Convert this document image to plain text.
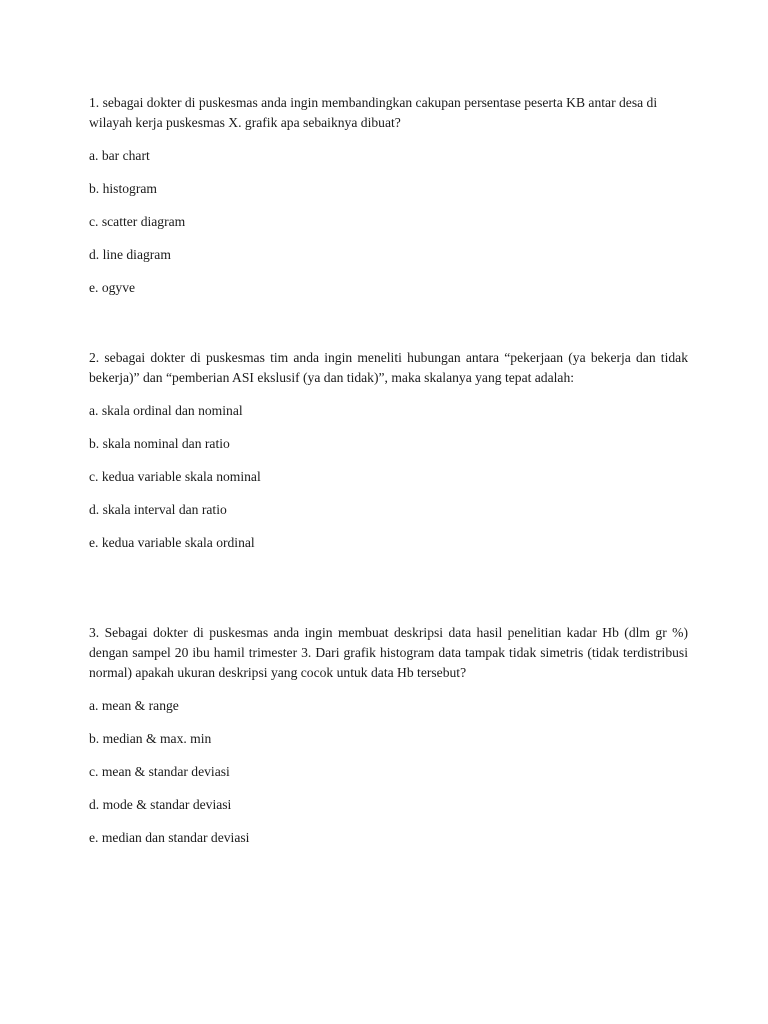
1. sebagai dokter di puskesmas anda ingin membandingkan cakupan persentase peserta KB antar desa di wilayah kerja puskesmas X. grafik apa sebaiknya dibuat?

a. bar chart
b. histogram
c. scatter diagram
d. line diagram
e. ogyve

2. sebagai dokter di puskesmas tim anda ingin meneliti hubungan antara “pekerjaan (ya bekerja dan tidak bekerja)” dan “pemberian ASI ekslusif (ya dan tidak)”, maka skalanya yang tepat adalah:

a. skala ordinal dan nominal
b. skala nominal dan ratio
c. kedua variable skala nominal
d. skala interval dan ratio
e. kedua variable skala ordinal

3. Sebagai dokter di puskesmas anda ingin membuat deskripsi data hasil penelitian kadar Hb (dlm gr %) dengan sampel 20 ibu hamil trimester 3. Dari grafik histogram data tampak tidak simetris (tidak terdistribusi normal) apakah ukuran deskripsi yang cocok untuk data Hb tersebut?

a. mean & range
b. median & max. min
c. mean & standar deviasi
d. mode & standar deviasi
e. median dan standar deviasi
